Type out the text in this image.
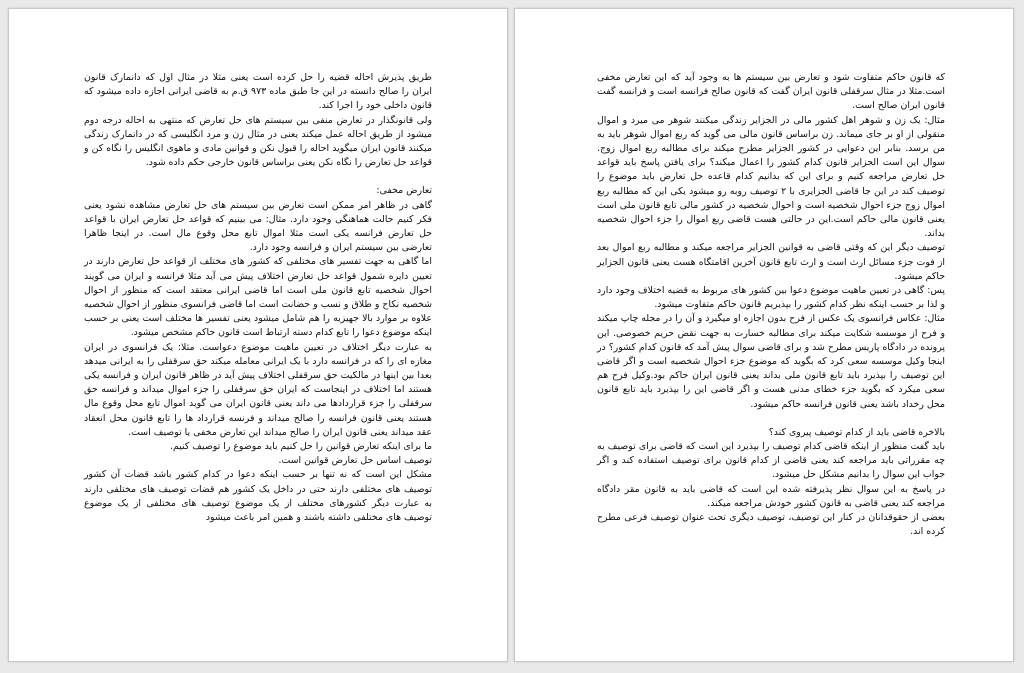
طریق پذیرش احاله قضیه را حل کرده است یعنی مثلا در مثال اول که دانمارک قانون ایران را صالح دانسته در این جا طبق ماده ۹۷۳ ق.م به قاضی ایرانی اجازه داده میشود که قانون داخلی خود را اجرا کند.

ولی قانونگذار در تعارض منفی بین سیستم های حل تعارض که منتهی به احاله درجه دوم میشود از طریق احاله عمل میکند یعنی در مثال زن و مرد انگلیسی که در دانمارک زندگی میکنند قانون ایران میگوید احاله را قبول نکن و قوانین مادی و ماهوی انگلیس را نگاه کن و قواعد حل تعارض را نگاه نکن یعنی براساس قانون خارجی حکم داده شود.

تعارض مخفی:

گاهی در ظاهر امر ممکن است تعارض بین سیستم های حل تعارض مشاهده نشود یعنی فکر کنیم حالت هماهنگی وجود دارد. مثال: می بینیم که قواعد حل تعارض ایران با قواعد حل تعارض فرانسه یکی است مثلا اموال تابع محل وقوع مال است. در اینجا ظاهرا تعارضی بین سیستم ایران و فرانسه وجود دارد.

اما گاهی به جهت تفسیر های مختلفی که کشور های مختلف از قواعد حل تعارض دارند در تعیین دایره شمول قواعد حل تعارض اختلاف پیش می آید مثلا فرانسه و ایران می گویند احوال شخصیه تابع قانون ملی است اما قاضی ایرانی معتقد است که منظور از احوال شخصیه نکاح و طلاق و نسب و حضانت است اما قاضی فرانسوی منظور از احوال شخصیه علاوه بر موارد بالا جهیزیه را هم شامل میشود یعنی تفسیر ها مختلف است یعنی بر حسب اینکه موضوع دعوا را تابع کدام دسته ارتباط است قانون حاکم مشخص میشود.

به عبارت دیگر اختلاف در تعیین ماهیت موضوع دعواست. مثلا: یک فرانسوی در ایران مغازه ای را که در فرانسه دارد با یک ایرانی معامله میکند حق سرقفلی را به ایرانی میدهد بعدا بین اینها در مالکیت حق سرقفلی اختلاف پیش آید در ظاهر قانون ایران و فرانسه یکی هستند اما اختلاف در اینجاست که ایران حق سرقفلی را جزء اموال میداند و فرانسه حق سرقفلی را جزء قراردادها می داند یعنی قانون ایران می گوید اموال تابع محل وقوع مال هستند یعنی قانون فرانسه را صالح میداند و فرنسه قرارداد ها را تابع قانون محل انعقاد عقد میداند یعنی قانون ایران را صالح میداند این تعارض مخفی یا توصیف است.

ما برای اینکه تعارض قوانین را حل کنیم باید موضوع را توصیف کنیم.

توصیف اساس حل تعارض قوانین است.

مشکل این است که نه تنها بر حسب اینکه دعوا در کدام کشور باشد قضات آن کشور توصیف های مختلفی دارند حتی در داخل یک کشور هم قضات توصیف های مختلفی دارند به عبارت دیگر کشورهای مختلف از یک موضوع توصیف های مختلفی از یک موضوع توصیف های مختلفی داشته باشند و همین امر باعث میشود

که قانون حاکم متفاوت شود و تعارض بین سیستم ها به وجود آید که این تعارض مخفی است.مثلا در مثال سرقفلی قانون ایران گفت که قانون صالح فرانسه است و فرانسه گفت قانون ایران صالح است.

مثال: یک زن و شوهر اهل کشور مالی در الجزایر زندگی میکنند شوهر می میرد و اموال منقولی از او بر جای میماند. زن براساس قانون مالی می گوید که ربع اموال شوهر باید به من برسد. بنابر این دعوایی در کشور الجزایر مطرح میکند برای مطالبه ربع اموال زوج. سوال این است الجزایر قانون کدام کشور را اعمال میکند؟ برای یافتن پاسخ باید قواعد حل تعارض مراجعه کنیم و برای این که بدانیم کدام قاعده حل تعارض باید موضوع را توصیف کند در این جا قاضی الجزایری با ۲ توصیف روبه رو میشود یکی این که مطالبه ربع اموال زوج جزء احوال شخصیه است و احوال شخصیه در کشور مالی تابع قانون ملی است یعنی قانون مالی حاکم است.این در حالتی هست قاضی ربع اموال را جزء احوال شخصیه بداند.

توصیف دیگر این که وقتی قاضی به قوانین الجزایر مراجعه میکند و مطالبه ربع اموال بعد از فوت جزء مسائل ارث است و ارث تابع قانون آخرین اقامتگاه هست یعنی قانون الجزایر حاکم میشود.

پس: گاهی در تعیین ماهیت موضوع دعوا بین کشور های مربوط به قضیه اختلاف وجود دارد و لذا بر حسب اینکه نظر کدام کشور را بپذیریم قانون حاکم متفاوت میشود.

مثال: عکاس فرانسوی یک عکس از فرح بدون اجازه او میگیرد و آن را در مجله چاپ میکند و فرح از موسسه شکایت میکند برای مطالبه خسارت به جهت نقض حریم خصوصی. این پرونده در دادگاه پاریس مطرح شد و برای قاضی سوال پیش آمد که قانون کدام کشور؟ در اینجا وکیل موسسه سعی کرد که بگوید که موضوع جزء احوال شخصیه است و اگر قاضی این توصیف را بپذیرد باید تابع قانون ملی بداند یعنی قانون ایران حاکم بود.وکیل فرح هم سعی میکرد که بگوید جزء خطای مدنی هست و اگر قاضی این را بپذیرد باید تابع قانون محل رخداد باشد یعنی قانون فرانسه حاکم میشود.

بالاخره قاضی باید از کدام توصیف پیروی کند؟

باید گفت منظور از اینکه قاضی کدام توصیف را بپذیرد این است که قاضی برای توصیف به چه مقرراتی باید مراجعه کند یعنی قاضی از کدام قانون برای توصیف استفاده کند و اگر جواب این سوال را بدانیم مشکل حل میشود.

در پاسخ به این سوال نظر پذیرفته شده این است که قاضی باید به قانون مقر دادگاه مراجعه کند یعنی قاضی به قانون کشور خودش مراجعه میکند.

بعضی از حقوقدانان در کنار این توصیف، توصیف دیگری تحت عنوان توصیف فرعی مطرح کرده اند.
